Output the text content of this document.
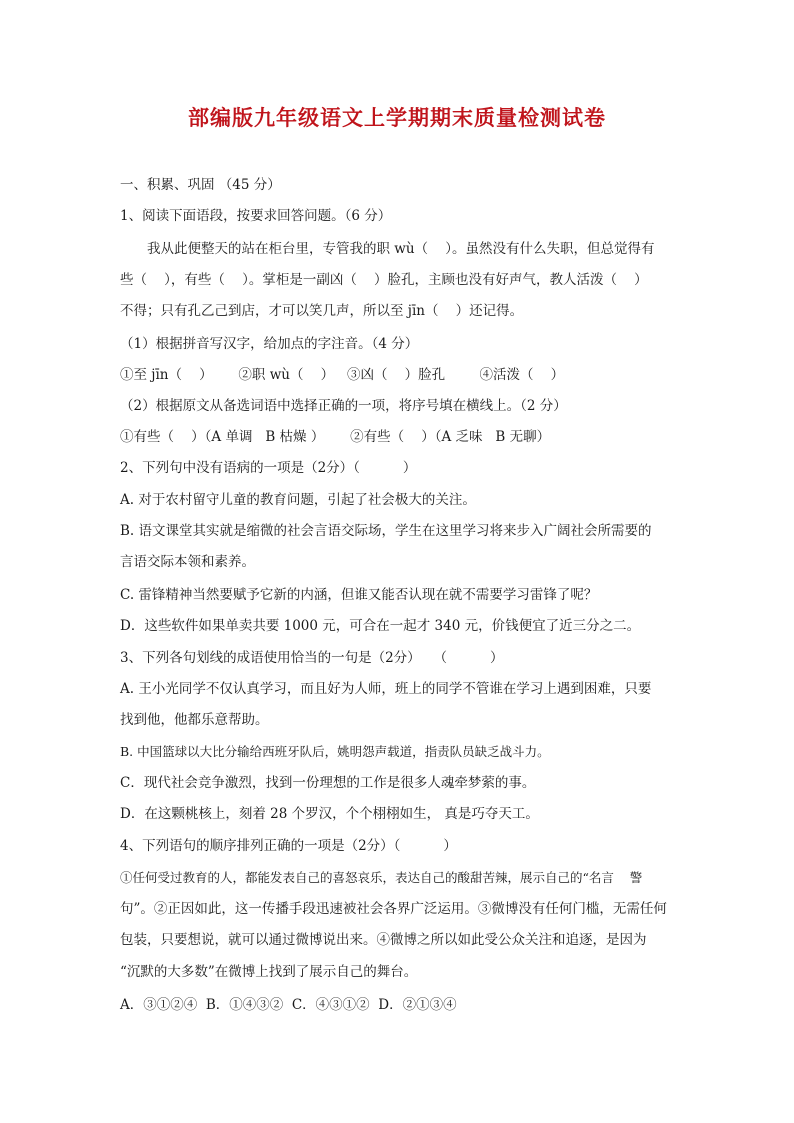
部编版九年级语文上学期期末质量检测试卷
一、积累、巩固 （45 分）
1、阅读下面语段，按要求回答问题。（6 分）
我从此便整天的站在柜台里，专管我的职 wù（    ）。虽然没有什么失职，但总觉得有
些（    ），有些（    ）。掌柜是一副凶（    ）脸孔，主顾也没有好声气，教人活泼（    ）
不得；只有孔乙己到店，才可以笑几声，所以至 jīn（    ）还记得。
（1）根据拼音写汉字，给加点的字注音。（4 分）
①至 jīn（    ）      ②职 wù（    ）   ③凶（    ）脸孔        ④活泼（    ）
（2）根据原文从备选词语中选择正确的一项，将序号填在横线上。（2 分）
①有些（    ）（A 单调   B 枯燥 ）      ②有些（    ）（A 乏味   B 无聊）
2、下列句中没有语病的一项是（2分）（          ）
A. 对于农村留守儿童的教育问题，引起了社会极大的关注。
B. 语文课堂其实就是缩微的社会言语交际场，学生在这里学习将来步入广阔社会所需要的
言语交际本领和素养。
C. 雷锋精神当然要赋予它新的内涵，但谁又能否认现在就不需要学习雷锋了呢？
D．这些软件如果单卖共要 1000 元，可合在一起才 340 元，价钱便宜了近三分之二。
3、下列各句划线的成语使用恰当的一句是（2分）   （          ）
A. 王小光同学不仅认真学习，而且好为人师，班上的同学不管谁在学习上遇到困难，只要
找到他，他都乐意帮助。
B. 中国篮球以大比分输给西班牙队后，姚明怨声载道，指责队员缺乏战斗力。
C．现代社会竞争激烈，找到一份理想的工作是很多人魂牵梦萦的事。
D．在这颗桃核上，刻着 28 个罗汉，个个栩栩如生， 真是巧夺天工。
4、下列语句的顺序排列正确的一项是（2分）（          ）
①任何受过教育的人，都能发表自己的喜怒哀乐，表达自己的酸甜苦辣，展示自己的“名言    警
句”。②正因如此，这一传播手段迅速被社会各界广泛运用。③微博没有任何门槛，无需任何
包装，只要想说，就可以通过微博说出来。④微博之所以如此受公众关注和追逐，是因为
“沉默的大多数”在微博上找到了展示自己的舞台。
A．③①②④  B．①④③②  C．④③①②  D．②①③④
